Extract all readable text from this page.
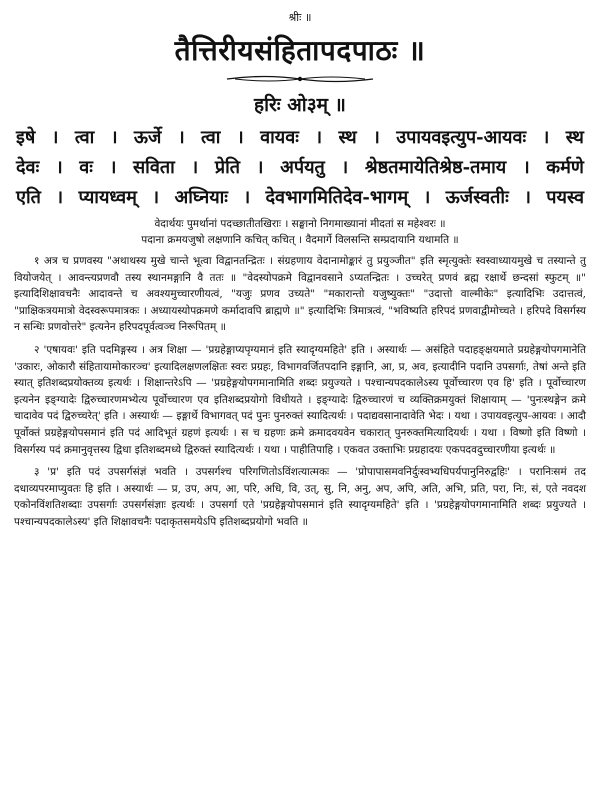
श्रीः ॥
तैत्तिरीयसंहितापदपाठः ॥
हरिः ओ३म् ॥
इषे । त्वा । ऊर्जे । त्वा । वायवः । स्थ । उपायवइत्युप-आयवः । स्थ
देवः । वः । सविता । प्रेति । अर्पयतु । श्रेष्ठतमायेतिश्रेष्ठ-तमाय । कर्मणे
एति । प्यायध्वम् । अघ्नियाः । देवभागमितिदेव-भागम् । ऊर्जस्वतीः । पयस्व
वेदार्थयः पुमर्थानां पदच्छातीतखिराः । सङ्घानो निगमाख्यानां मीदतां स महेश्वरः ॥
पदाना क्रमयजुषो लक्षणानि कचित् कचित् । वैदमार्गे विलसन्ति सम्प्रदायानि यथामति ॥

१ अत्र च प्रणवस्य "अथाथस्य मुखे चान्ते भूत्वा विद्वानतन्द्रितः । संग्रहणाय वेदानामोङ्कारं तु प्रयुञ्जीत" इति स्मृत्युक्तेः स्वस्वाध्यायमुखे च तस्यान्ते तु वियोजयेत् । आवन्त्यप्रणवौ तस्य स्थानमङ्गानि वै ततः ॥ "वेदस्योपक्रमे विद्वानवसाने ऽप्यतन्द्रितः । उच्चरेत् प्रणवं ब्रह्म रक्षार्थे छन्दसां स्फुटम् ॥" इत्यादिशिक्षावचनैः आदावन्ते च अवश्यमुच्चारणीयत्वं, "यजुः प्रणव उच्यते" "मकारान्तो यजुष्युक्तः" "उदात्तो वाल्मीकेः" इत्यादिभिः उदात्तत्वं, "प्राक्षिकत्रयमात्रो वेदस्वरूपमात्रकः । अध्यायस्योपक्रमणे कर्मादावपि ब्राह्मणे ॥" इत्यादिभिः त्रिमात्रत्वं, "भविष्यति हरिपदं प्रणवाद्वीमोच्चते । हरिपदे विसर्गस्य न सन्धिः प्रणवोत्तरे" इत्यनेन हरिपदपूर्वत्वञ्च निरूपितम् ॥

२ 'एषायवः' इति पदमिङ्गस्य । अत्र शिक्षा — 'प्रग्रहेङ्गाप्यपृग्यमानं इति स्यादृग्यमहिते' इति । अस्यार्थः — असंहिते पदाहङ्क्षयमाते प्रग्रहेङ्गयोपगमानेति 'उकारः, ओकारौ संहितायामोकारञ्च' इत्यादिलक्षणलक्षितः स्वरः प्रग्रहः, विभागवर्जितपदानि इङ्गानि, आ, प्र, अव, इत्यादीनि पदानि उपसर्गाः, तेषां अन्ते इति स्यात् इतिशब्दप्रयोक्तव्य इत्यर्थः । शिक्षान्तरेऽपि — 'प्रग्रहेङ्गयोपगमानामिति शब्दः प्रयुज्यते । पश्चान्यपदकालेऽस्य पूर्वोच्चारण एव हि' इति । पूर्वोच्चारण इत्यनेन इङ्ग्यादेः द्विरुच्चारणमभ्येत्य पूर्वोच्चारण एव इतिशब्दप्रयोगो विधीयते । इङ्ग्यादेः द्विरुच्चारणं च व्यक्तिक्रमयुक्तं शिक्षायाम् — 'पुनःस्थङ्गेन क्रमे चादावेव पदं द्विरुच्चरेत्' इति । अस्यार्थः — इङ्गार्थे विभागवत् पदं पुनः पुनरुक्तं स्यादित्यर्थः । पदाद्यवसानादावेति भेदः । यथा । उपायवइत्युप-आयवः । आदौ पूर्वोक्तं प्रग्रहेङ्गयोपसमानं इति पदं आदिभूतं ग्रहणं इत्यर्थः । स च ग्रहणः क्रमे क्रमादवयवेन चकारात् पुनरुक्तमित्यादियर्थः । यथा । विष्णो इति विष्णो । विसर्गस्य पदं क्रमानुवृत्तस्य द्विधा इतिशब्दमध्ये द्विरुक्तं स्यादित्यर्थः । यथा । पाहीतिपाहि । एकवत उक्ताभिः प्रग्रहादयः एकपदवदुच्चारणीया इत्यर्थः ॥

३ 'प्र' इति पदं उपसर्गसंज्ञं भवति । उपसर्गश्च परिगणितोऽविंशत्यात्मकः — 'प्रोपापासमवनिर्दुःस्वभ्यधिपर्यपानुनिरुद्वहिः' । परानिःसमं तद दधाव्यपरमाप्युवतः हि इति । अस्यार्थः — प्र, उप, अप, आ, परि, अधि, वि, उत्, सु, नि, अनु, अप, अपि, अति, अभि, प्रति, परा, निः, सं, एते नवदश एकोनविंशतिशब्दाः उपसर्गाः उपसर्गसंज्ञाः इत्यर्थः । उपसर्गा एते 'प्रग्रहेङ्गयोपसमानं इति स्यादृग्यमहिते' इति । 'प्रग्रहेङ्गयोपगमानामिति शब्दः प्रयुज्यते । पश्चान्यपदकालेऽस्य' इति शिक्षावचनैः पदाकृतसमयेऽपि इतिशब्दप्रयोगो भवति ॥
